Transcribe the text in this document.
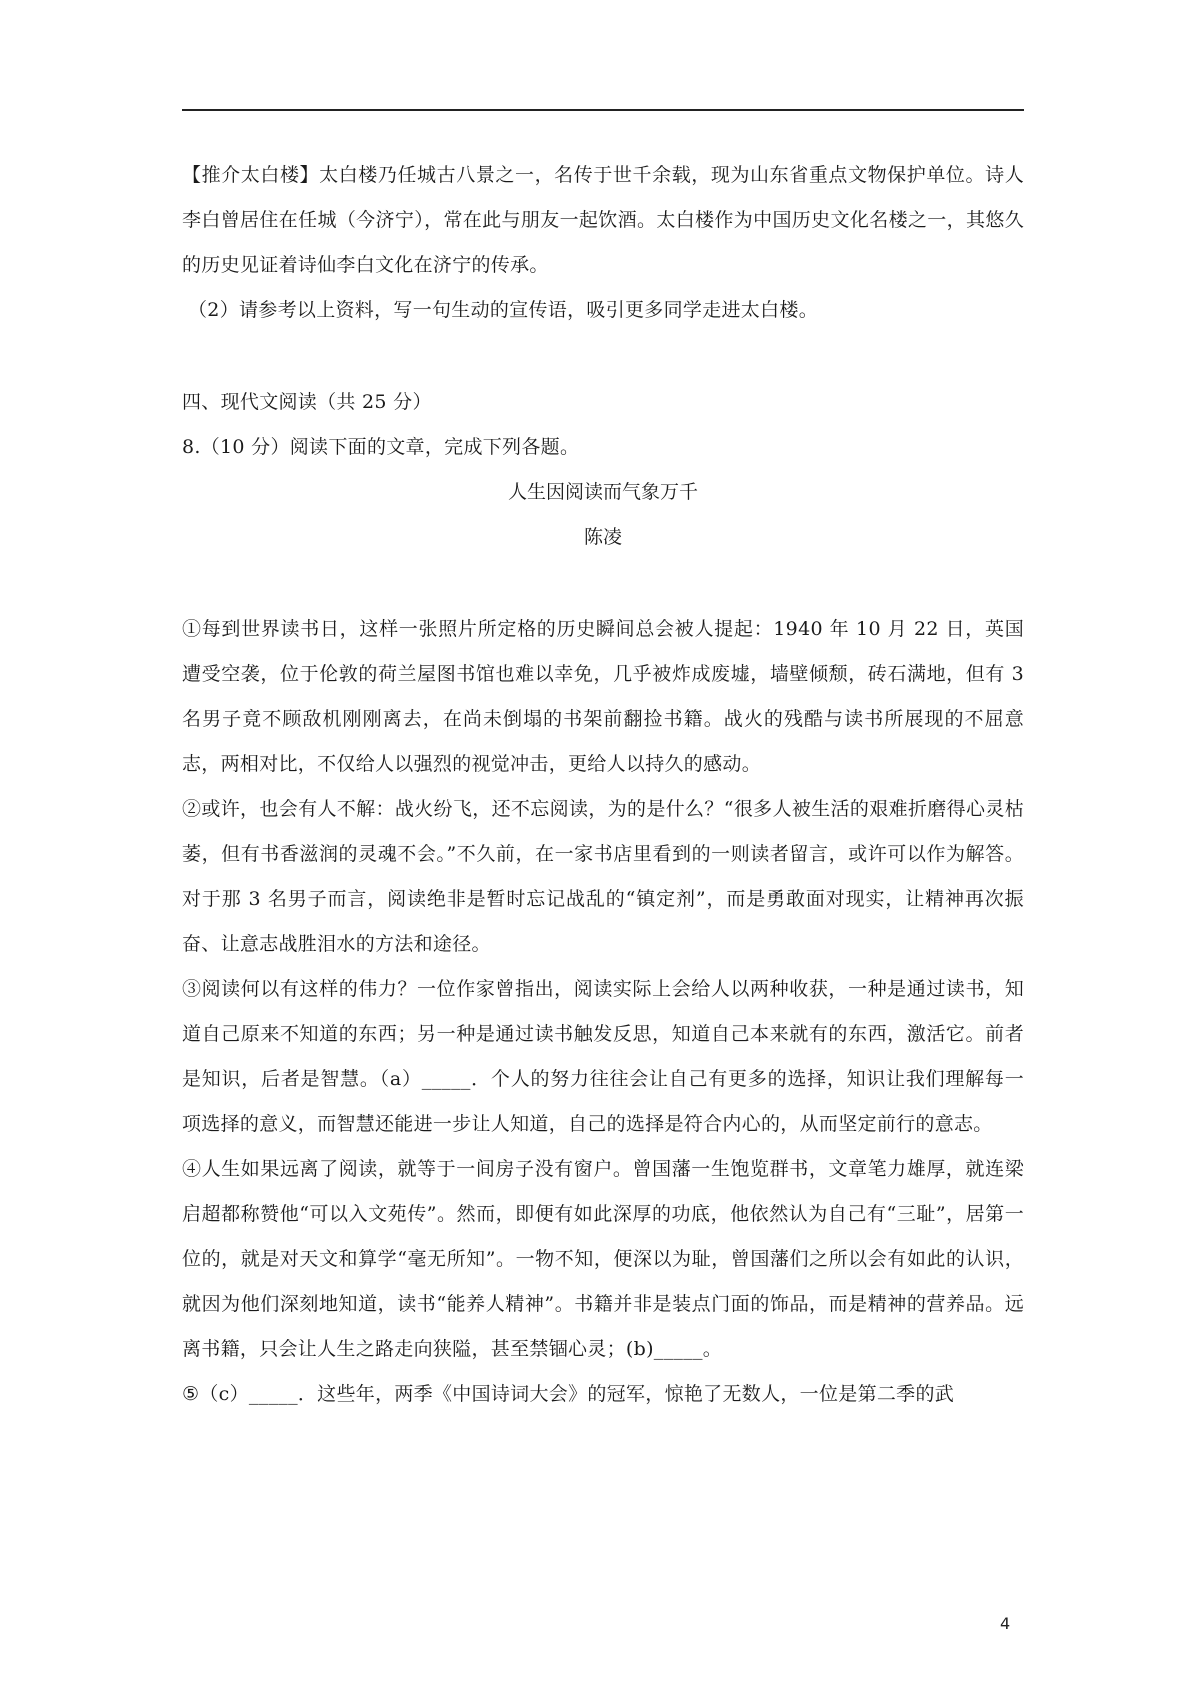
【推介太白楼】太白楼乃任城古八景之一，名传于世千余载，现为山东省重点文物保护单位。诗人李白曾居住在任城（今济宁），常在此与朋友一起饮酒。太白楼作为中国历史文化名楼之一，其悠久的历史见证着诗仙李白文化在济宁的传承。

（2）请参考以上资料，写一句生动的宣传语，吸引更多同学走进太白楼。

四、现代文阅读（共 25 分）

8.（10 分）阅读下面的文章，完成下列各题。

人生因阅读而气象万千

陈凌

①每到世界读书日，这样一张照片所定格的历史瞬间总会被人提起：1940 年 10 月 22 日，英国遭受空袭，位于伦敦的荷兰屋图书馆也难以幸免，几乎被炸成废墟，墙壁倾颓，砖石满地，但有 3 名男子竟不顾敌机刚刚离去，在尚未倒塌的书架前翻捡书籍。战火的残酷与读书所展现的不屈意志，两相对比，不仅给人以强烈的视觉冲击，更给人以持久的感动。

②或许，也会有人不解：战火纷飞，还不忘阅读，为的是什么？“很多人被生活的艰难折磨得心灵枯萎，但有书香滋润的灵魂不会。”不久前，在一家书店里看到的一则读者留言，或许可以作为解答。对于那 3 名男子而言，阅读绝非是暂时忘记战乱的“镇定剂”，而是勇敢面对现实，让精神再次振奋、让意志战胜泪水的方法和途径。

③阅读何以有这样的伟力？一位作家曾指出，阅读实际上会给人以两种收获，一种是通过读书，知道自己原来不知道的东西；另一种是通过读书触发反思，知道自己本来就有的东西，激活它。前者是知识，后者是智慧。（a）_____．个人的努力往往会让自己有更多的选择，知识让我们理解每一项选择的意义，而智慧还能进一步让人知道，自己的选择是符合内心的，从而坚定前行的意志。

④人生如果远离了阅读，就等于一间房子没有窗户。曾国藩一生饱览群书，文章笔力雄厚，就连梁启超都称赞他“可以入文苑传”。然而，即便有如此深厚的功底，他依然认为自己有“三耻”，居第一位的，就是对天文和算学“毫无所知”。一物不知，便深以为耻，曾国藩们之所以会有如此的认识，就因为他们深刻地知道，读书“能养人精神”。书籍并非是装点门面的饰品，而是精神的营养品。远离书籍，只会让人生之路走向狭隘，甚至禁锢心灵；(b)_____。

⑤（c）_____．这些年，两季《中国诗词大会》的冠军，惊艳了无数人，一位是第二季的武

4
